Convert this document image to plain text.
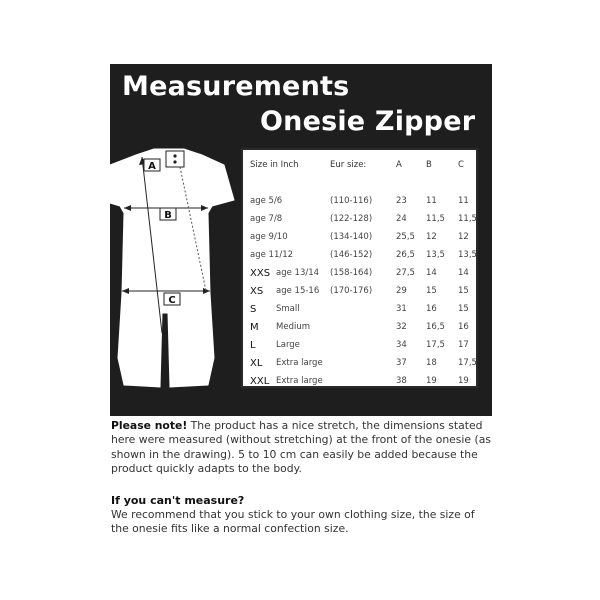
Measurements
Onesie Zipper
A
B
C
Size in Inch	Eur size:	A	B	C
age 5/6	(110-116)	23 11 11
age 7/8	(122-128)	24 11,5 11,5
age 9/10	(134-140)	25,5 12 12
age 11/12	(146-152)	26,5 13,5 13,5
XXS age 13/14 (158-164)	27,5 14 14
XS age 15-16 (170-176)	29 15 15
S Small	31 16 15
M Medium	32 16,5 16
L Large	34 17,5 17
XL Extra large	37 18 17,5
XXL Extra large	38 19 19
Please note! The product has a nice stretch, the dimensions stated here were measured (without stretching) at the front of the onesie (as shown in the drawing). 5 to 10 cm can easily be added because the product quickly adapts to the body.
If you can't measure?
We recommend that you stick to your own clothing size, the size of the onesie fits like a normal confection size.
